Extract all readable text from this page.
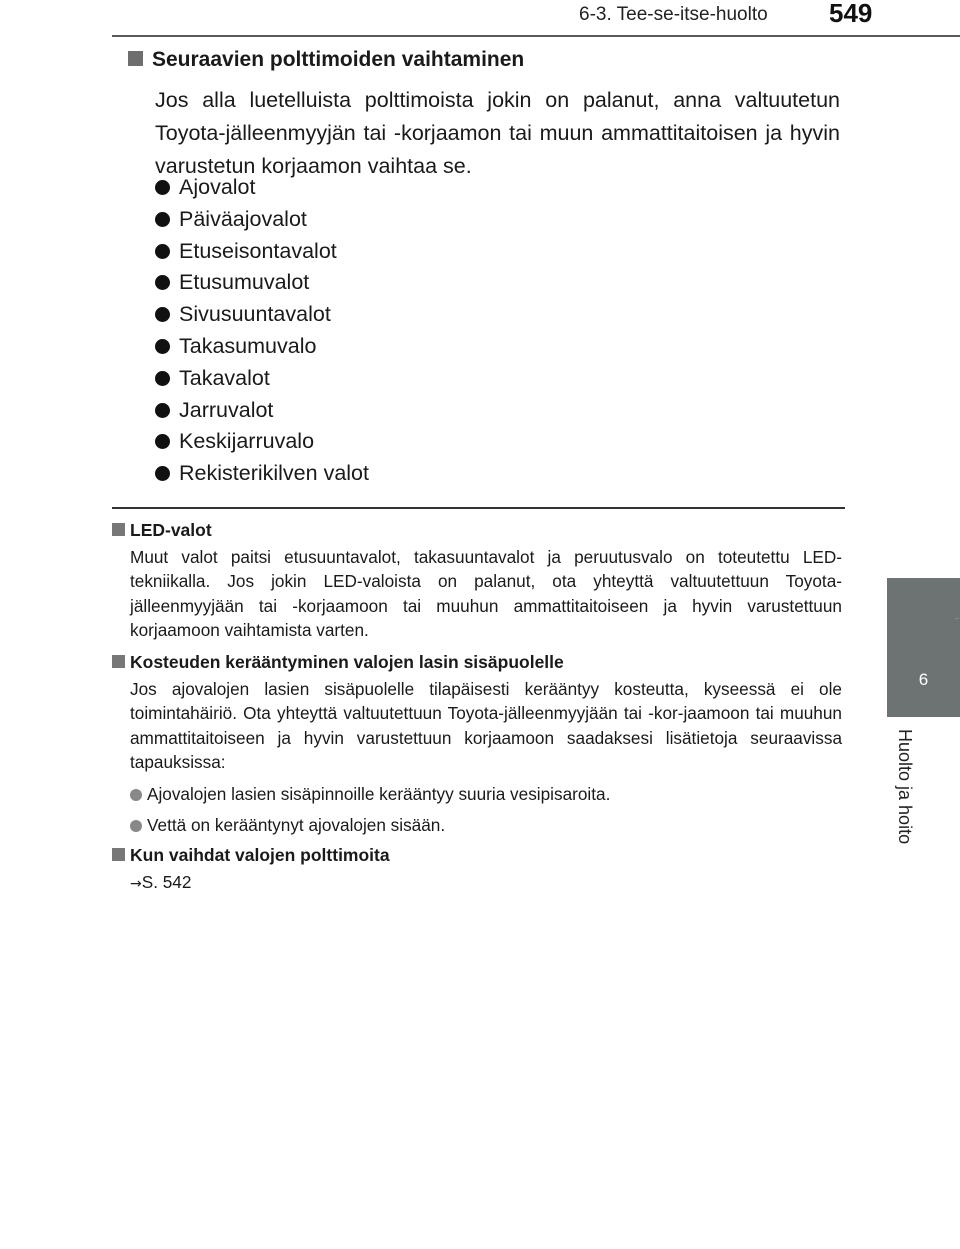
6-3. Tee-se-itse-huolto 549
6
Huolto ja hoito
Seuraavien polttimoiden vaihtaminen
Jos alla luetelluista polttimoista jokin on palanut, anna valtuutetun Toyota-jälleenmyyjän tai -korjaamon tai muun ammattitaitoisen ja hyvin varustetun korjaamon vaihtaa se.
Ajovalot
Päiväajovalot
Etuseisontavalot
Etusumuvalot
Sivusuuntavalot
Takasumuvalo
Takavalot
Jarruvalot
Keskijarruvalo
Rekisterikilven valot
LED-valot
Muut valot paitsi etusuuntavalot, takasuuntavalot ja peruutusvalo on toteutettu LED-tekniikalla. Jos jokin LED-valoista on palanut, ota yhteyttä valtuutettuun Toyota-jälleenmyyjään tai -korjaamoon tai muuhun ammattitaitoiseen ja hyvin varustettuun korjaamoon vaihtamista varten.
Kosteuden kerääntyminen valojen lasin sisäpuolelle
Jos ajovalojen lasien sisäpuolelle tilapäisesti kerääntyy kosteutta, kyseessä ei ole toimintahäiriö. Ota yhteyttä valtuutettuun Toyota-jälleenmyyjään tai -kor-jaamoon tai muuhun ammattitaitoiseen ja hyvin varustettuun korjaamoon saadaksesi lisätietoja seuraavissa tapauksissa:
Ajovalojen lasien sisäpinnoille kerääntyy suuria vesipisaroita.
Vettä on kerääntynyt ajovalojen sisään.
Kun vaihdat valojen polttimoita
→S. 542
